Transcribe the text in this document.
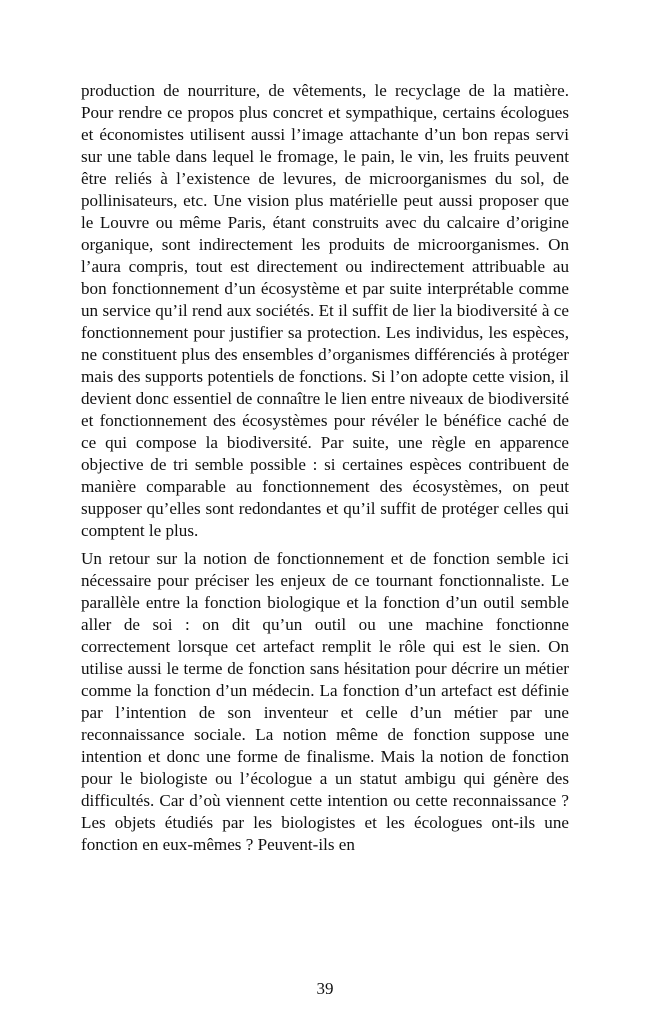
production de nourriture, de vêtements, le recyclage de la matière. Pour rendre ce propos plus concret et sympathique, certains écologues et économistes utilisent aussi l’image attachante d’un bon repas servi sur une table dans lequel le fromage, le pain, le vin, les fruits peuvent être reliés à l’existence de levures, de microorganismes du sol, de pollinisateurs, etc. Une vision plus matérielle peut aussi proposer que le Louvre ou même Paris, étant construits avec du calcaire d’origine organique, sont indirectement les produits de microorganismes. On l’aura compris, tout est directement ou indirectement attribuable au bon fonctionnement d’un écosystème et par suite interprétable comme un service qu’il rend aux sociétés. Et il suffit de lier la biodiversité à ce fonctionnement pour justifier sa protection. Les individus, les espèces, ne constituent plus des ensembles d’organismes différenciés à protéger mais des supports potentiels de fonctions. Si l’on adopte cette vision, il devient donc essentiel de connaître le lien entre niveaux de biodiversité et fonctionnement des écosystèmes pour révéler le bénéfice caché de ce qui compose la biodiversité. Par suite, une règle en apparence objective de tri semble possible : si certaines espèces contribuent de manière comparable au fonctionnement des écosystèmes, on peut supposer qu’elles sont redondantes et qu’il suffit de protéger celles qui comptent le plus.

Un retour sur la notion de fonctionnement et de fonction semble ici nécessaire pour préciser les enjeux de ce tournant fonctionnaliste. Le parallèle entre la fonction biologique et la fonction d’un outil semble aller de soi : on dit qu’un outil ou une machine fonctionne correctement lorsque cet artefact remplit le rôle qui est le sien. On utilise aussi le terme de fonction sans hésitation pour décrire un métier comme la fonction d’un médecin. La fonction d’un artefact est définie par l’intention de son inventeur et celle d’un métier par une reconnaissance sociale. La notion même de fonction suppose une intention et donc une forme de finalisme. Mais la notion de fonction pour le biologiste ou l’écologue a un statut ambigu qui génère des difficultés. Car d’où viennent cette intention ou cette reconnaissance ? Les objets étudiés par les biologistes et les écologues ont-ils une fonction en eux-mêmes ? Peuvent-ils en

39
